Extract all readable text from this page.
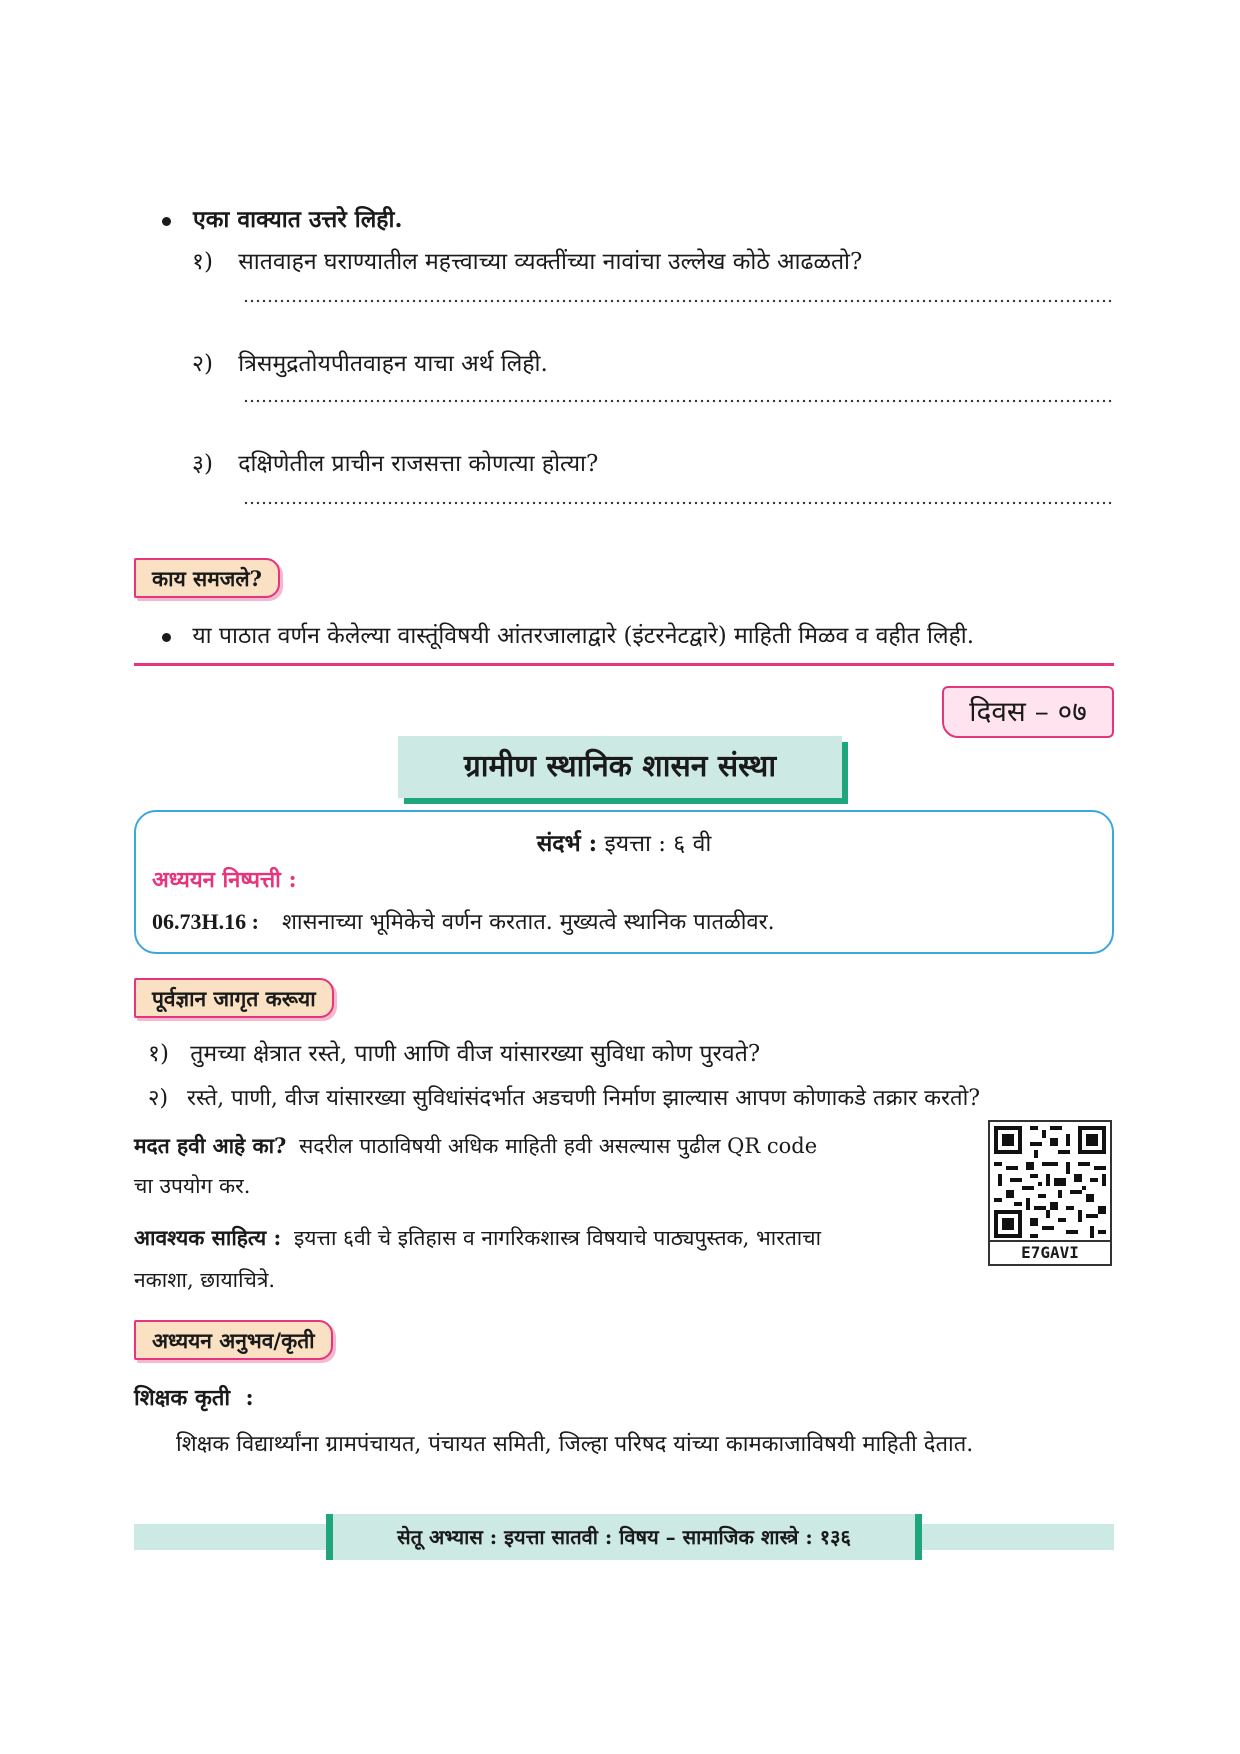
एका वाक्यात उत्तरे लिही.
१) सातवाहन घराण्यातील महत्त्वाच्या व्यक्तींच्या नावांचा उल्लेख कोठे आढळतो?
२) त्रिसमुद्रतोयपीतवाहन याचा अर्थ लिही.
३) दक्षिणेतील प्राचीन राजसत्ता कोणत्या होत्या?
काय समजले?
या पाठात वर्णन केलेल्या वास्तूंविषयी आंतरजालाद्वारे (इंटरनेटद्वारे) माहिती मिळव व वहीत लिही.
दिवस – ०७
ग्रामीण स्थानिक शासन संस्था
संदर्भ : इयत्ता : ६ वी
अध्ययन निष्पत्ती :
06.73H.16 : शासनाच्या भूमिकेचे वर्णन करतात. मुख्यत्वे स्थानिक पातळीवर.
पूर्वज्ञान जागृत करूया
१) तुमच्या क्षेत्रात रस्ते, पाणी आणि वीज यांसारख्या सुविधा कोण पुरवते?
२) रस्ते, पाणी, वीज यांसारख्या सुविधांसंदर्भात अडचणी निर्माण झाल्यास आपण कोणाकडे तक्रार करतो?
मदत हवी आहे का? सदरील पाठाविषयी अधिक माहिती हवी असल्यास पुढील QR code
चा उपयोग कर.
आवश्यक साहित्य : इयत्ता ६वी चे इतिहास व नागरिकशास्त्र विषयाचे पाठ्यपुस्तक, भारताचा
नकाशा, छायाचित्रे.
E7GAVI
अध्ययन अनुभव/कृती
शिक्षक कृती  :
शिक्षक विद्यार्थ्यांना ग्रामपंचायत, पंचायत समिती, जिल्हा परिषद यांच्या कामकाजाविषयी माहिती देतात.
सेतू अभ्यास : इयत्ता सातवी : विषय – सामाजिक शास्त्रे : १३६
